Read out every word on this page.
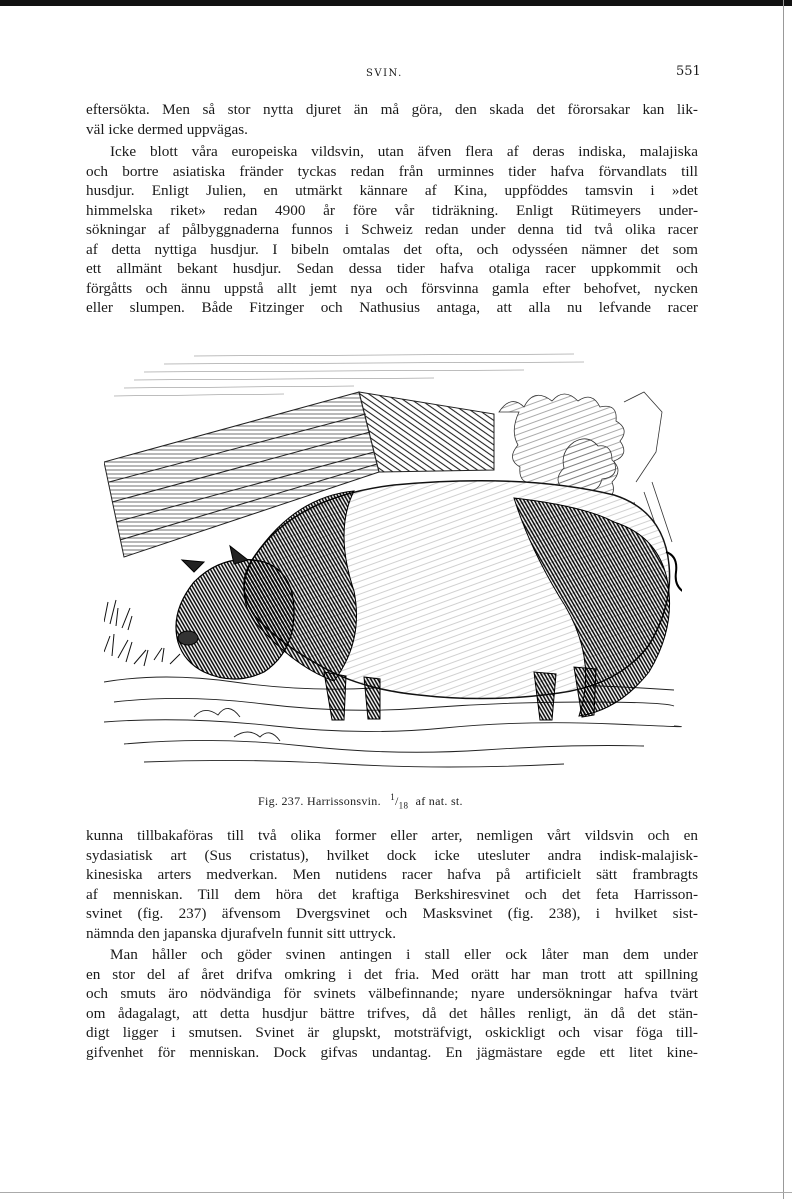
SVIN.	551

eftersökta. Men så stor nytta djuret än må göra, den skada det förorsakar kan lik-
väl icke dermed uppvägas.

Icke blott våra europeiska vildsvin, utan äfven flera af deras indiska, malajiska
och bortre asiatiska fränder tyckas redan från urminnes tider hafva förvandlats till
husdjur. Enligt Julien, en utmärkt kännare af Kina, uppföddes tamsvin i »det
himmelska riket» redan 4900 år före vår tidräkning. Enligt Rütimeyers under-
sökningar af pålbyggnaderna funnos i Schweiz redan under denna tid två olika racer
af detta nyttiga husdjur. I bibeln omtalas det ofta, och odysséen nämner det som
ett allmänt bekant husdjur. Sedan dessa tider hafva otaliga racer uppkommit och
förgåtts och ännu uppstå allt jemt nya och försvinna gamla efter behofvet, nycken
eller slumpen. Både Fitzinger och Nathusius antaga, att alla nu lefvande racer

Fig. 237. Harrissonsvin. $^1/_{18}$ af nat. st.

kunna tillbakaföras till två olika former eller arter, nemligen vårt vildsvin och en
sydasiatisk art (Sus cristatus), hvilket dock icke utesluter andra indisk-malajisk-
kinesiska arters medverkan. Men nutidens racer hafva på artificielt sätt frambragts
af menniskan. Till dem höra det kraftiga Berkshiresvinet och det feta Harrisson-
svinet (fig. 237) äfvensom Dvergsvinet och Masksvinet (fig. 238), i hvilket sist-
nämnda den japanska djurafveln funnit sitt uttryck.

Man håller och göder svinen antingen i stall eller ock låter man dem under
en stor del af året drifva omkring i det fria. Med orätt har man trott att spillning
och smuts äro nödvändiga för svinets välbefinnande; nyare undersökningar hafva tvärt
om ådagalagt, att detta husdjur bättre trifves, då det hålles renligt, än då det stän-
digt ligger i smutsen. Svinet är glupskt, motsträfvigt, oskickligt och visar föga till-
gifvenhet för menniskan. Dock gifvas undantag. En jägmästare egde ett litet kine-
